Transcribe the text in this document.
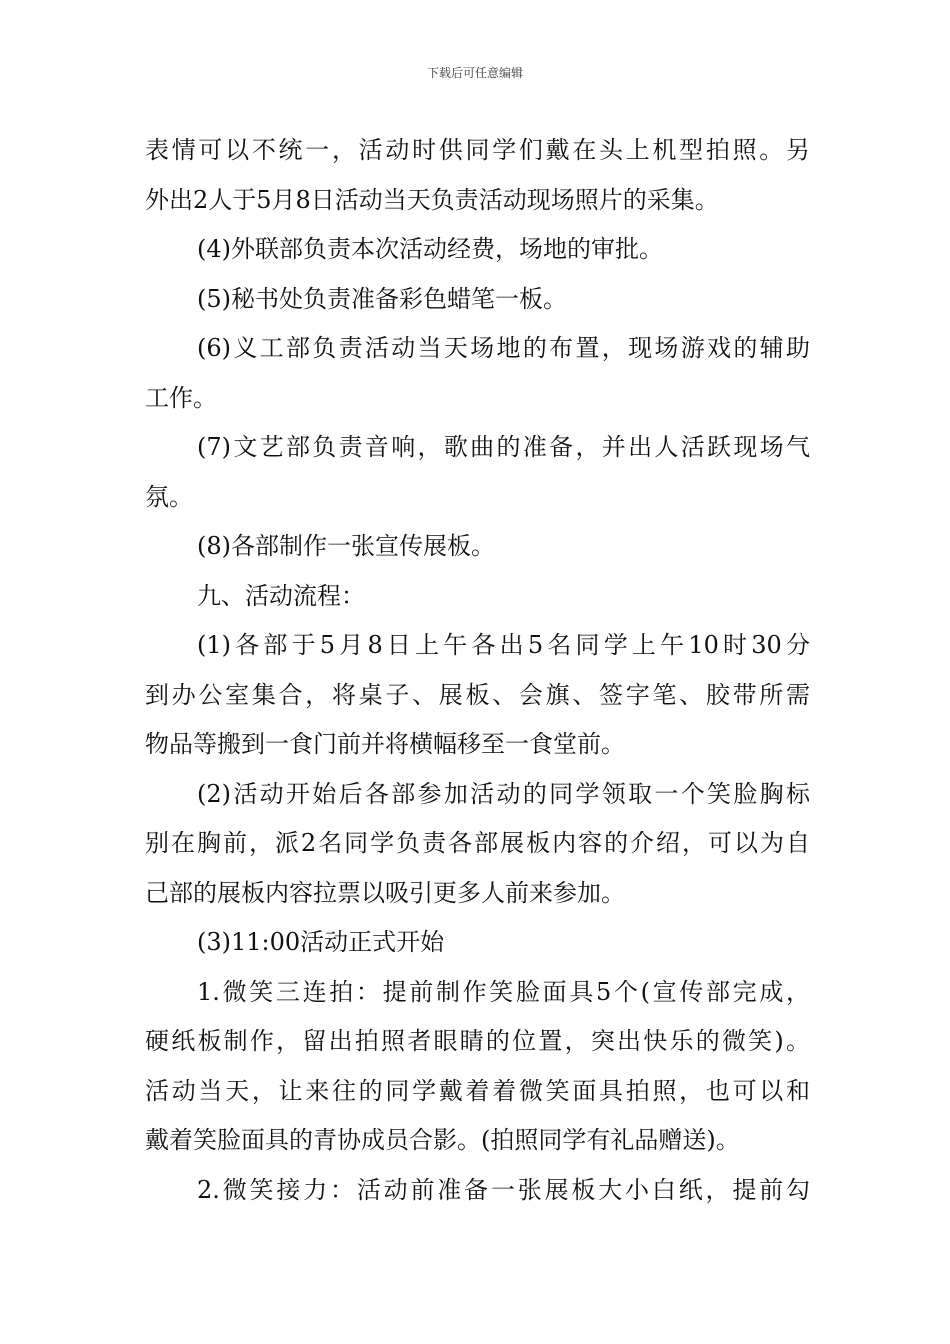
下载后可任意编辑
表情可以不统一，活动时供同学们戴在头上机型拍照。另
外出2人于5月8日活动当天负责活动现场照片的采集。
(4)外联部负责本次活动经费，场地的审批。
(5)秘书处负责准备彩色蜡笔一板。
(6)义工部负责活动当天场地的布置，现场游戏的辅助
工作。
(7)文艺部负责音响，歌曲的准备，并出人活跃现场气
氛。
(8)各部制作一张宣传展板。
九、活动流程：
(1)各部于5月8日上午各出5名同学上午10时30分
到办公室集合，将桌子、展板、会旗、签字笔、胶带所需
物品等搬到一食门前并将横幅移至一食堂前。
(2)活动开始后各部参加活动的同学领取一个笑脸胸标
别在胸前，派2名同学负责各部展板内容的介绍，可以为自
己部的展板内容拉票以吸引更多人前来参加。
(3)11:00活动正式开始
1.微笑三连拍：提前制作笑脸面具5个(宣传部完成，
硬纸板制作，留出拍照者眼睛的位置，突出快乐的微笑)。
活动当天，让来往的同学戴着着微笑面具拍照，也可以和
戴着笑脸面具的青协成员合影。(拍照同学有礼品赠送)。
2.微笑接力：活动前准备一张展板大小白纸，提前勾
